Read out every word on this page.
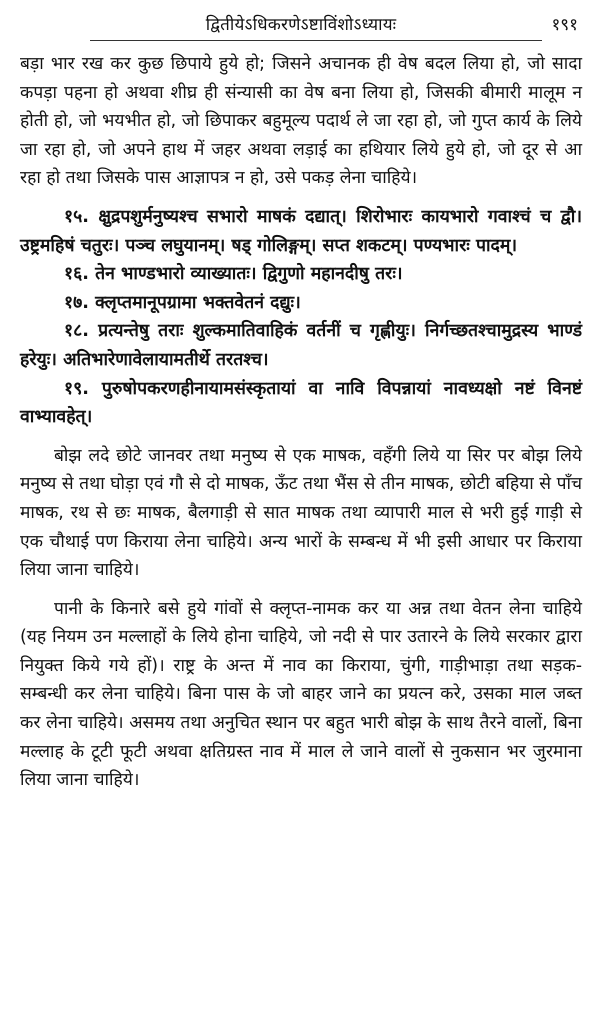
द्वितीयेऽधिकरणेऽष्टाविंशोऽध्यायः	१९१

बड़ा भार रख कर कुछ छिपाये हुये हो; जिसने अचानक ही वेष बदल लिया हो, जो सादा कपड़ा पहना हो अथवा शीघ्र ही संन्यासी का वेष बना लिया हो, जिसकी बीमारी मालूम न होती हो, जो भयभीत हो, जो छिपाकर बहुमूल्य पदार्थ ले जा रहा हो, जो गुप्त कार्य के लिये जा रहा हो, जो अपने हाथ में जहर अथवा लड़ाई का हथियार लिये हुये हो, जो दूर से आ रहा हो तथा जिसके पास आज्ञापत्र न हो, उसे पकड़ लेना चाहिये।

१५. क्षुद्रपशुर्मनुष्यश्च सभारो माषकं दद्यात्। शिरोभारः कायभारो गवाश्चं च द्वौ। उष्ट्रमहिषं चतुरः। पञ्च लघुयानम्। षड् गोलिङ्गम्। सप्त शकटम्। पण्यभारः पादम्।

१६. तेन भाण्डभारो व्याख्यातः। द्विगुणो महानदीषु तरः।

१७. क्लृप्तमानूपग्रामा भक्तवेतनं दद्युः।

१८. प्रत्यन्तेषु तराः शुल्कमातिवाहिकं वर्तनीं च गृह्णीयुः। निर्गच्छतश्चामुद्रस्य भाण्डं हरेयुः। अतिभारेणावेलायामतीर्थे तरतश्च।

१९. पुरुषोपकरणहीनायामसंस्कृतायां वा नावि विपन्नायां नावध्यक्षो नष्टं विनष्टं वाभ्यावहेत्।

बोझ लदे छोटे जानवर तथा मनुष्य से एक माषक, वहँगी लिये या सिर पर बोझ लिये मनुष्य से तथा घोड़ा एवं गौ से दो माषक, ऊँट तथा भैंस से तीन माषक, छोटी बहिया से पाँच माषक, रथ से छः माषक, बैलगाड़ी से सात माषक तथा व्यापारी माल से भरी हुई गाड़ी से एक चौथाई पण किराया लेना चाहिये। अन्य भारों के सम्बन्ध में भी इसी आधार पर किराया लिया जाना चाहिये।

पानी के किनारे बसे हुये गांवों से क्लृप्त-नामक कर या अन्न तथा वेतन लेना चाहिये (यह नियम उन मल्लाहों के लिये होना चाहिये, जो नदी से पार उतारने के लिये सरकार द्वारा नियुक्त किये गये हों)। राष्ट्र के अन्त में नाव का किराया, चुंगी, गाड़ीभाड़ा तथा सड़क-सम्बन्धी कर लेना चाहिये। बिना पास के जो बाहर जाने का प्रयत्न करे, उसका माल जब्त कर लेना चाहिये। असमय तथा अनुचित स्थान पर बहुत भारी बोझ के साथ तैरने वालों, बिना मल्लाह के टूटी फूटी अथवा क्षतिग्रस्त नाव में माल ले जाने वालों से नुकसान भर जुरमाना लिया जाना चाहिये।
